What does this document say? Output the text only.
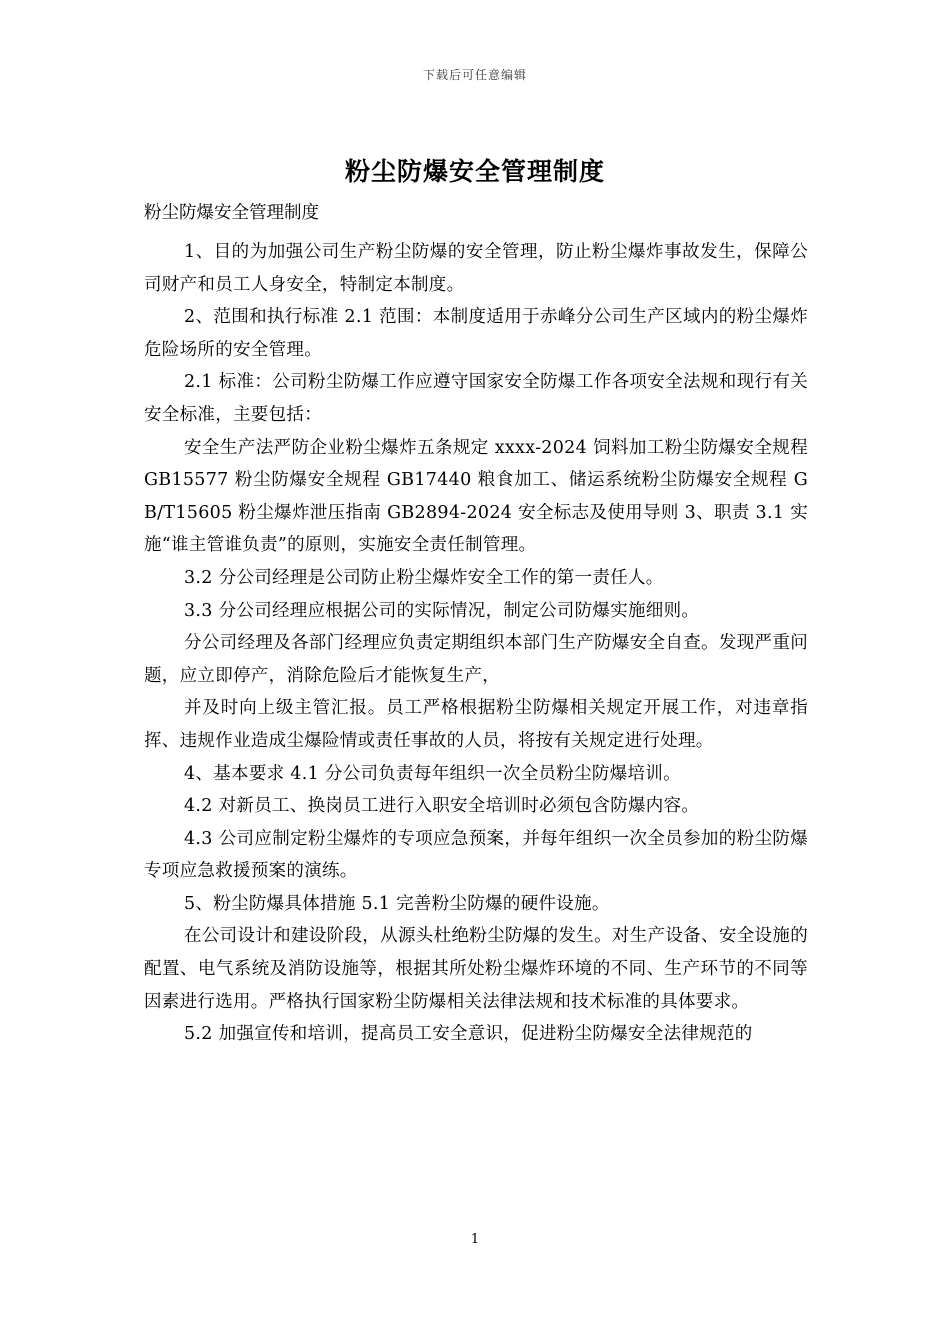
下载后可任意编辑
粉尘防爆安全管理制度
粉尘防爆安全管理制度

1、目的为加强公司生产粉尘防爆的安全管理，防止粉尘爆炸事故发生，保障公司财产和员工人身安全，特制定本制度。

2、范围和执行标准 2.1 范围：本制度适用于赤峰分公司生产区域内的粉尘爆炸危险场所的安全管理。

2.1 标准：公司粉尘防爆工作应遵守国家安全防爆工作各项安全法规和现行有关安全标准，主要包括：

安全生产法严防企业粉尘爆炸五条规定 xxxx-2024 饲料加工粉尘防爆安全规程 GB15577 粉尘防爆安全规程 GB17440 粮食加工、储运系统粉尘防爆安全规程 GB/T15605 粉尘爆炸泄压指南 GB2894-2024 安全标志及使用导则 3、职责 3.1 实施“谁主管谁负责”的原则，实施安全责任制管理。

3.2 分公司经理是公司防止粉尘爆炸安全工作的第一责任人。

3.3 分公司经理应根据公司的实际情况，制定公司防爆实施细则。

分公司经理及各部门经理应负责定期组织本部门生产防爆安全自查。发现严重问题，应立即停产，消除危险后才能恢复生产，

并及时向上级主管汇报。员工严格根据粉尘防爆相关规定开展工作，对违章指挥、违规作业造成尘爆险情或责任事故的人员，将按有关规定进行处理。

4、基本要求 4.1 分公司负责每年组织一次全员粉尘防爆培训。

4.2 对新员工、换岗员工进行入职安全培训时必须包含防爆内容。

4.3 公司应制定粉尘爆炸的专项应急预案，并每年组织一次全员参加的粉尘防爆专项应急救援预案的演练。

5、粉尘防爆具体措施 5.1 完善粉尘防爆的硬件设施。

在公司设计和建设阶段，从源头杜绝粉尘防爆的发生。对生产设备、安全设施的配置、电气系统及消防设施等，根据其所处粉尘爆炸环境的不同、生产环节的不同等因素进行选用。严格执行国家粉尘防爆相关法律法规和技术标准的具体要求。

5.2 加强宣传和培训，提高员工安全意识，促进粉尘防爆安全法律规范的

1
